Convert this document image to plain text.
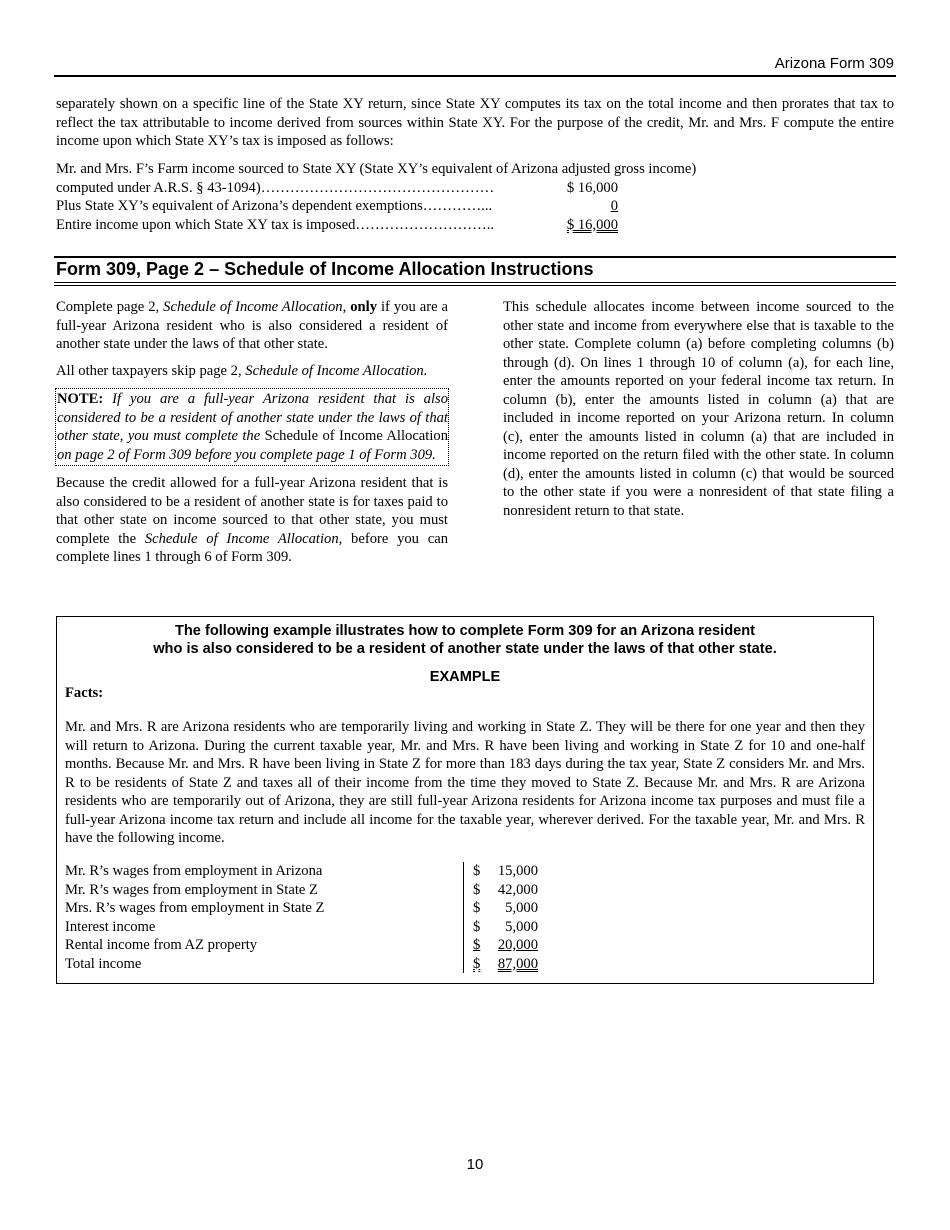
Arizona Form 309

separately shown on a specific line of the State XY return, since State XY computes its tax on the total income and then prorates that tax to reflect the tax attributable to income derived from sources within State XY. For the purpose of the credit, Mr. and Mrs. F compute the entire income upon which State XY’s tax is imposed as follows:

Mr. and Mrs. F’s Farm income sourced to State XY (State XY’s equivalent of Arizona adjusted gross income)
computed under A.R.S. § 43-1094)…………………………………………	$ 16,000
Plus State XY’s equivalent of Arizona’s dependent exemptions…………...	0
Entire income upon which State XY tax is imposed………………………..	$ 16,000
Form 309, Page 2 – Schedule of Income Allocation Instructions

Complete page 2, Schedule of Income Allocation, only if you are a full-year Arizona resident who is also considered a resident of another state under the laws of that other state.

All other taxpayers skip page 2, Schedule of Income Allocation.

NOTE: If you are a full-year Arizona resident that is also considered to be a resident of another state under the laws of that other state, you must complete the Schedule of Income Allocation on page 2 of Form 309 before you complete page 1 of Form 309.

Because the credit allowed for a full-year Arizona resident that is also considered to be a resident of another state is for taxes paid to that other state on income sourced to that other state, you must complete the Schedule of Income Allocation, before you can complete lines 1 through 6 of Form 309.

This schedule allocates income between income sourced to the other state and income from everywhere else that is taxable to the other state. Complete column (a) before completing columns (b) through (d). On lines 1 through 10 of column (a), for each line, enter the amounts reported on your federal income tax return. In column (b), enter the amounts listed in column (a) that are included in income reported on your Arizona return. In column (c), enter the amounts listed in column (a) that are included in income reported on the return filed with the other state. In column (d), enter the amounts listed in column (c) that would be sourced to the other state if you were a nonresident of that state filing a nonresident return to that state.

The following example illustrates how to complete Form 309 for an Arizona resident
who is also considered to be a resident of another state under the laws of that other state.
EXAMPLE
Facts:

Mr. and Mrs. R are Arizona residents who are temporarily living and working in State Z. They will be there for one year and then they will return to Arizona. During the current taxable year, Mr. and Mrs. R have been living and working in State Z for 10 and one-half months. Because Mr. and Mrs. R have been living in State Z for more than 183 days during the tax year, State Z considers Mr. and Mrs. R to be residents of State Z and taxes all of their income from the time they moved to State Z. Because Mr. and Mrs. R are Arizona residents who are temporarily out of Arizona, they are still full-year Arizona residents for Arizona income tax purposes and must file a full-year Arizona income tax return and include all income for the taxable year, wherever derived. For the taxable year, Mr. and Mrs. R have the following income.

Mr. R’s wages from employment in Arizona	$ 15,000
Mr. R’s wages from employment in State Z	$ 42,000
Mrs. R’s wages from employment in State Z	$ 5,000
Interest income	$ 5,000
Rental income from AZ property	$ 20,000
Total income	$ 87,000
10
